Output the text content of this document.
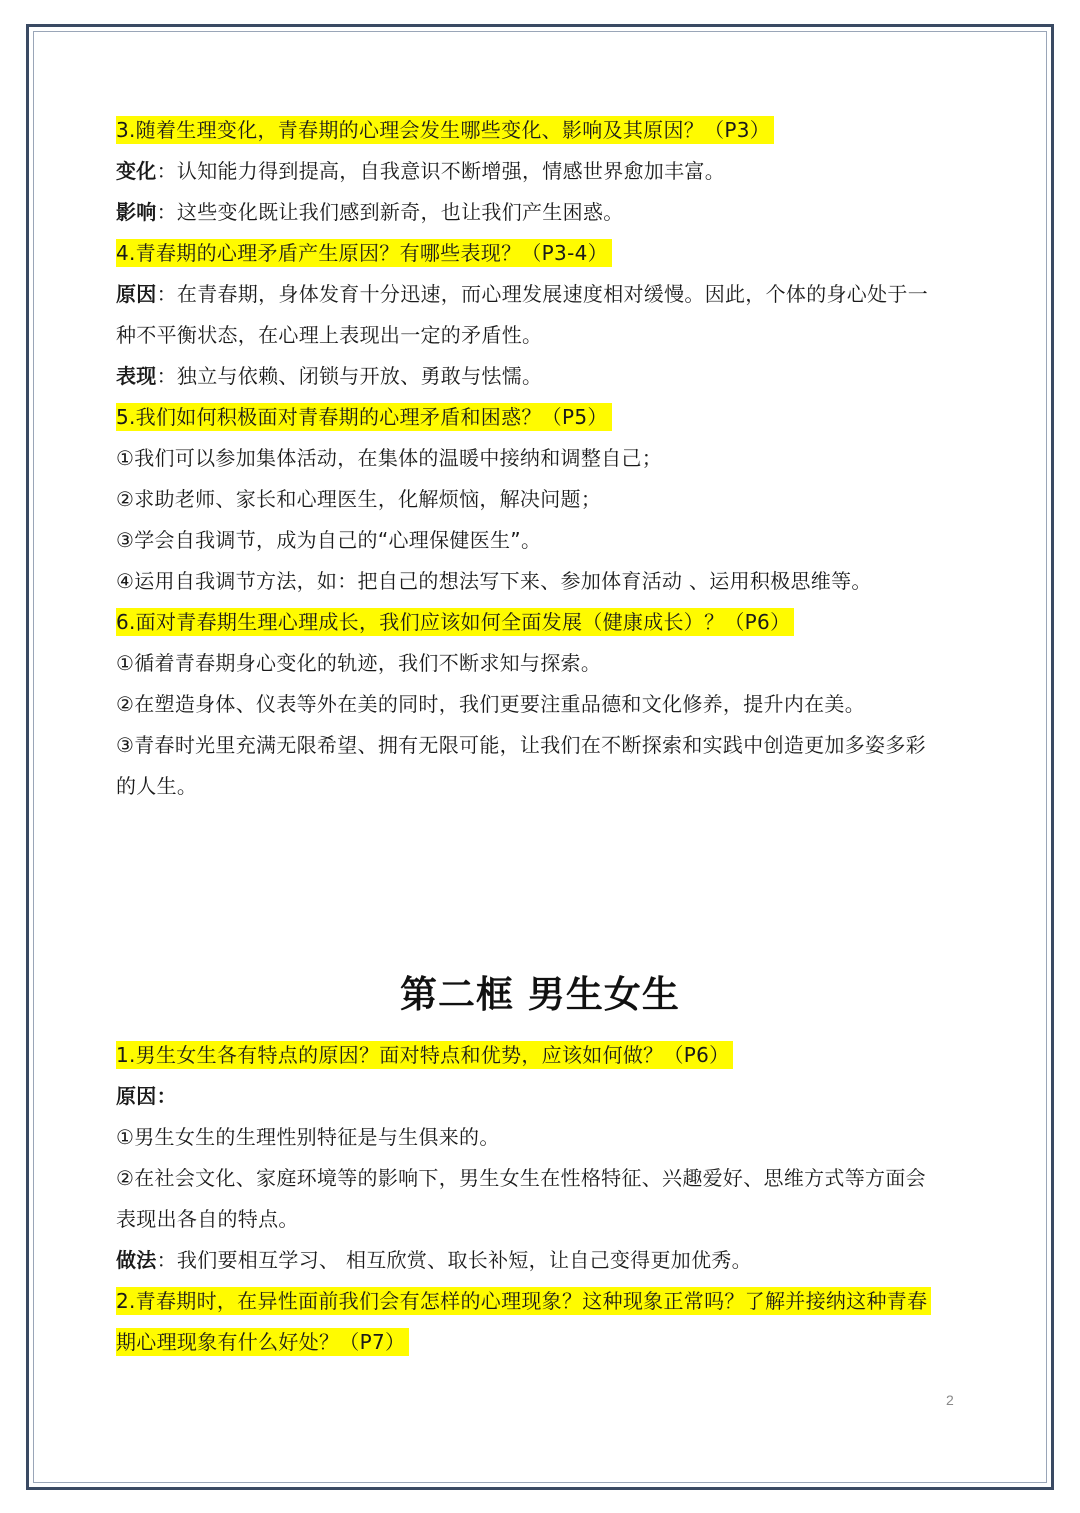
3.随着生理变化，青春期的心理会发生哪些变化、影响及其原因？（P3）
变化：认知能力得到提高，自我意识不断增强，情感世界愈加丰富。
影响：这些变化既让我们感到新奇，也让我们产生困惑。
4.青春期的心理矛盾产生原因？有哪些表现？（P3-4）
原因：在青春期，身体发育十分迅速，而心理发展速度相对缓慢。因此，个体的身心处于一
种不平衡状态，在心理上表现出一定的矛盾性。
表现：独立与依赖、闭锁与开放、勇敢与怯懦。
5.我们如何积极面对青春期的心理矛盾和困惑？（P5）
①我们可以参加集体活动，在集体的温暖中接纳和调整自己；
②求助老师、家长和心理医生，化解烦恼，解决问题；
③学会自我调节，成为自己的“心理保健医生”。
④运用自我调节方法，如：把自己的想法写下来、参加体育活动 、运用积极思维等。
6.面对青春期生理心理成长，我们应该如何全面发展（健康成长）？（P6）
①循着青春期身心变化的轨迹，我们不断求知与探索。
②在塑造身体、仪表等外在美的同时，我们更要注重品德和文化修养，提升内在美。
③青春时光里充满无限希望、拥有无限可能，让我们在不断探索和实践中创造更加多姿多彩
的人生。
第二框 男生女生
1.男生女生各有特点的原因？面对特点和优势，应该如何做？（P6）
原因：
①男生女生的生理性别特征是与生俱来的。
②在社会文化、家庭环境等的影响下，男生女生在性格特征、兴趣爱好、思维方式等方面会
表现出各自的特点。
做法：我们要相互学习、 相互欣赏、取长补短，让自己变得更加优秀。
2.青春期时，在异性面前我们会有怎样的心理现象？这种现象正常吗？了解并接纳这种青春
期心理现象有什么好处？（P7）
2
